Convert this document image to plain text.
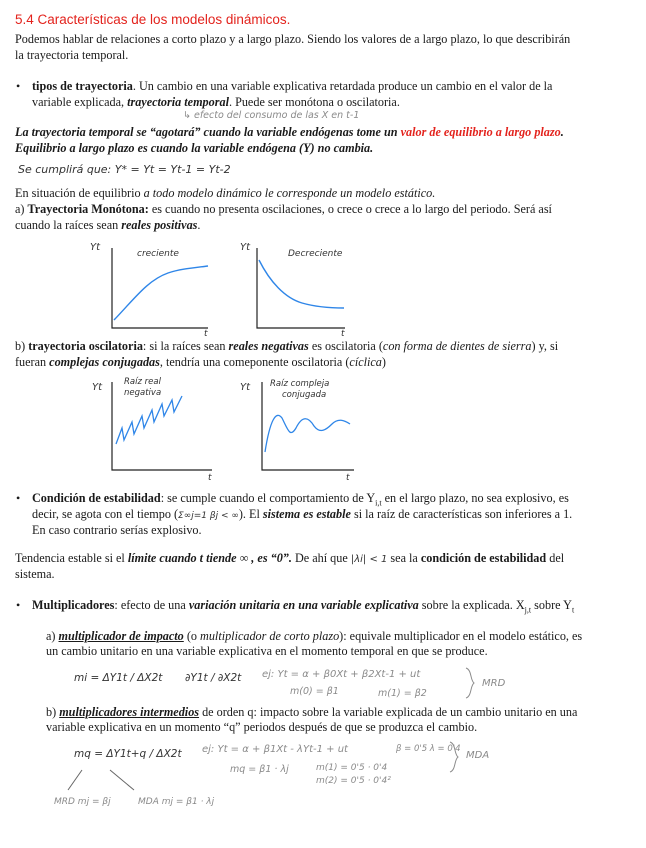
5.4 Características de los modelos dinámicos.
Podemos hablar de relaciones a corto plazo y a largo plazo. Siendo los valores de a largo plazo, lo que describirán
la trayectoria temporal.
• tipos de trayectoria. Un cambio en una variable explicativa retardada produce un cambio en el valor de la
variable explicada, trayectoria temporal. Puede ser monótona o oscilatoria.
↳ efecto del consumo de las X en t-1
La trayectoria temporal se “agotará” cuando la variable endógenas tome un valor de equilibrio a largo plazo.
Equilibrio a largo plazo es cuando la variable endógena (Y) no cambia.
Se cumplirá que: Y* = Yt = Yt-1 = Yt-2
En situación de equilibrio a todo modelo dinámico le corresponde un modelo estático.
a) Trayectoria Monótona: es cuando no presenta oscilaciones, o crece o crece a lo largo del periodo. Será así
cuando la raíces sean reales positivas.
Yt
creciente
t
Yt
Decreciente
t
b) trayectoria oscilatoria: si la raíces sean reales negativas es oscilatoria (con forma de dientes de sierra) y, si
fueran complejas conjugadas, tendría una comeponente oscilatoria (cíclica)
Yt	Raíz real
negativa
t
Yt Raíz compleja
conjugada
t
• Condición de estabilidad: se cumple cuando el comportamiento de $Y_{i,t}$ en el largo plazo, no sea explosivo, es
decir, se agota con el tiempo (Σ∞j=1 βj < ∞). El sistema es estable si la raíz de características son inferiores a 1.
En caso contrario serías explosivo.
Tendencia estable si el límite cuando t tiende ∞ , es “0”. De ahí que |λi| < 1 sea la condición de estabilidad del
sistema.
• Multiplicadores: efecto de una variación unitaria en una variable explicativa sobre la explicada. $X_{j,t}$ sobre $Y_t$
a) multiplicador de impacto (o multiplicador de corto plazo): equivale multiplicador en el modelo estático, es
un cambio unitario en una variable explicativa en el momento temporal en que se produce.
mi = ΔY1t / ΔX2t ∂Y1t / ∂X2t ej: Yt = α + β0Xt + β2Xt-1 + ut
m(0) = β1	m(1) = β2
MRD
b) multiplicadores intermedios de orden q: impacto sobre la variable explicada de un cambio unitario en una
variable explicativa en un momento “q” periodos después de que se produzca el cambio.
mq = ΔY1t+q / ΔX2t ej: Yt = α + β1Xt - λYt-1 + ut	β = 0'5 λ = 0'4
mq = β1 · λj	m(1) = 0'5 · 0'4
m(2) = 0'5 · 0'4²
MDA
MRD mj = βj	MDA mj = β1 · λj
